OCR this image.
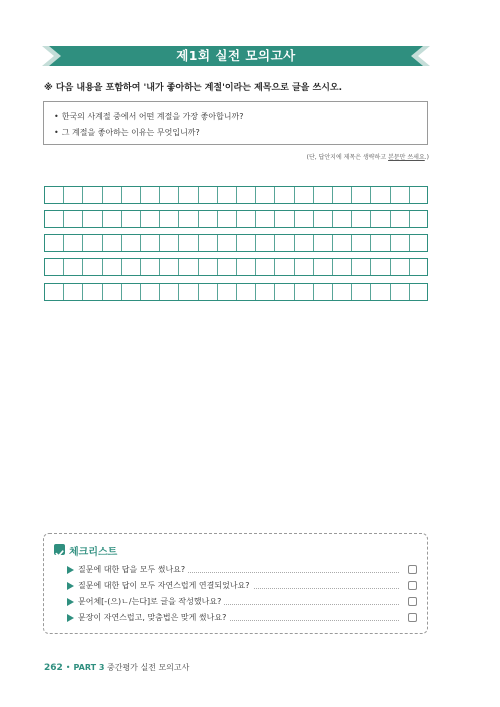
제1회 실전 모의고사
※ 다음 내용을 포함하여 '내가 좋아하는 계절'이라는 제목으로 글을 쓰시오.
• 한국의 사계절 중에서 어떤 계절을 가장 좋아합니까?
• 그 계절을 좋아하는 이유는 무엇입니까?
(단, 답안지에 제목은 생략하고 본문만 쓰세요.)
체크리스트
질문에 대한 답을 모두 썼나요?
질문에 대한 답이 모두 자연스럽게 연결되었나요?
문어체[-(으)ㄴ/는다]로 글을 작성했나요?
문장이 자연스럽고, 맞춤법은 맞게 썼나요?
262 • PART 3 중간평가 실전 모의고사
